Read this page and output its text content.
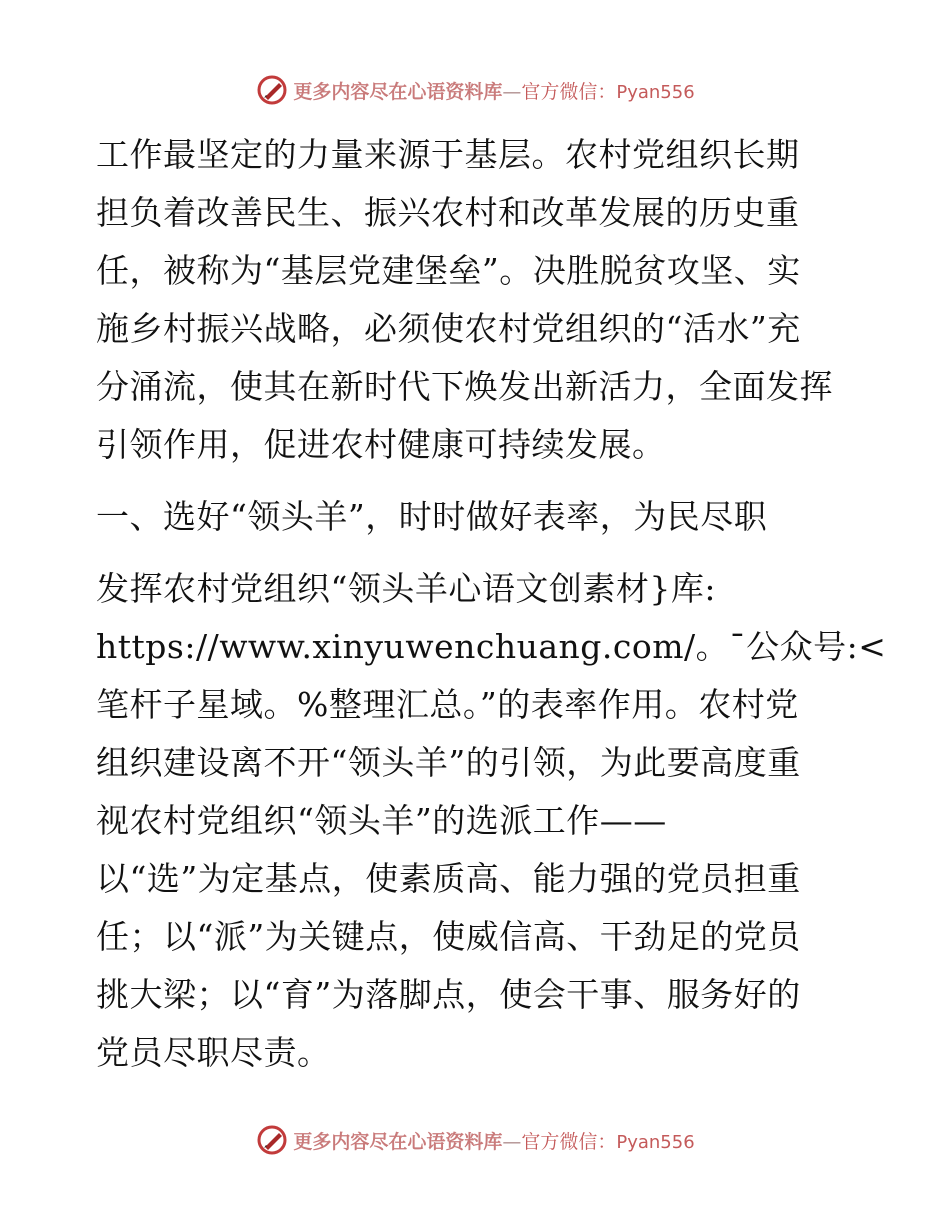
更多内容尽在心语资料库—官方微信：Pyan556

工作最坚定的力量来源于基层。农村党组织长期
担负着改善民生、振兴农村和改革发展的历史重
任，被称为“基层党建堡垒”。决胜脱贫攻坚、实
施乡村振兴战略，必须使农村党组织的“活水”充
分涌流，使其在新时代下焕发出新活力，全面发挥
引领作用，促进农村健康可持续发展。

一、选好“领头羊”，时时做好表率，为民尽职

发挥农村党组织“领头羊心语文创素材}库:
https://www.xinyuwenchuang.com/。¯公众号:<
笔杆子星域。%整理汇总。”的表率作用。农村党
组织建设离不开“领头羊”的引领，为此要高度重
视农村党组织“领头羊”的选派工作——
以“选”为定基点，使素质高、能力强的党员担重
任；以“派”为关键点，使威信高、干劲足的党员
挑大梁；以“育”为落脚点，使会干事、服务好的
党员尽职尽责。

更多内容尽在心语资料库—官方微信：Pyan556
